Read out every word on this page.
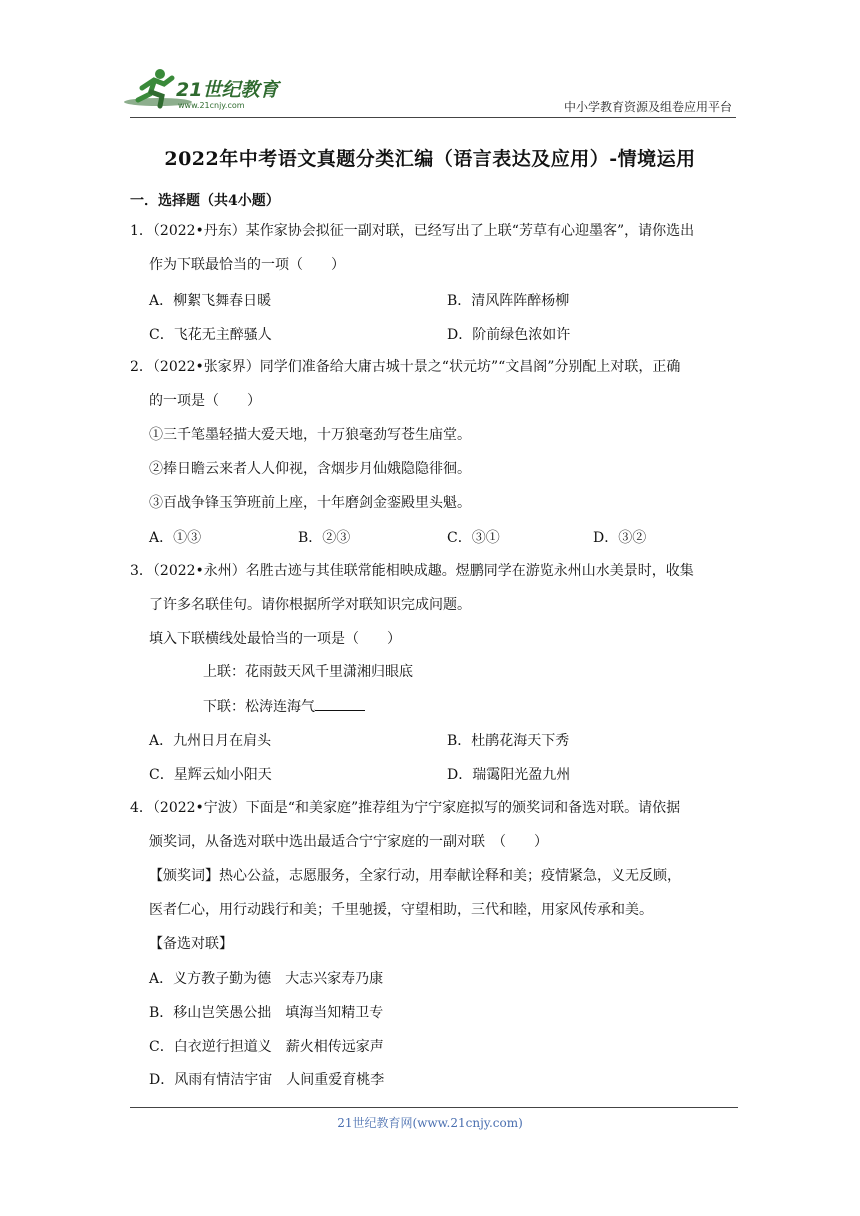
21世纪教育
www.21cnjy.com	中小学教育资源及组卷应用平台
2022年中考语文真题分类汇编（语言表达及应用）-情境运用
一．选择题（共4小题）
1．（2022•丹东）某作家协会拟征一副对联，已经写出了上联“芳草有心迎墨客”，请你选出
作为下联最恰当的一项（　　）
A．柳絮飞舞春日暖	B．清风阵阵醉杨柳
C．飞花无主醉骚人	D．阶前绿色浓如许
2．（2022•张家界）同学们准备给大庸古城十景之“状元坊”“文昌阁”分别配上对联，正确
的一项是（　　）
①三千笔墨轻描大爱天地，十万狼毫劲写苍生庙堂。
②捧日瞻云来者人人仰视，含烟步月仙娥隐隐徘徊。
③百战争锋玉笋班前上座，十年磨剑金銮殿里头魁。
A．①③	B．②③	C．③①	D．③②
3．（2022•永州）名胜古迹与其佳联常能相映成趣。煜鹏同学在游览永州山水美景时，收集
了许多名联佳句。请你根据所学对联知识完成问题。
填入下联横线处最恰当的一项是（　　）
上联：花雨鼓天风千里潇湘归眼底
下联：松涛连海气
A．九州日月在肩头	B．杜鹃花海天下秀
C．星辉云灿小阳天	D．瑞霭阳光盈九州
4．（2022•宁波）下面是“和美家庭”推荐组为宁宁家庭拟写的颁奖词和备选对联。请依据
颁奖词，从备选对联中选出最适合宁宁家庭的一副对联　（　　）
【颁奖词】热心公益，志愿服务，全家行动，用奉献诠释和美；疫情紧急，义无反顾，
医者仁心，用行动践行和美；千里驰援，守望相助，三代和睦，用家风传承和美。
【备选对联】
A．义方教子勤为德　大志兴家寿乃康
B．移山岂笑愚公拙　填海当知精卫专
C．白衣逆行担道义　薪火相传远家声
D．风雨有情洁宇宙　人间重爱育桃李
21世纪教育网(www.21cnjy.com)
